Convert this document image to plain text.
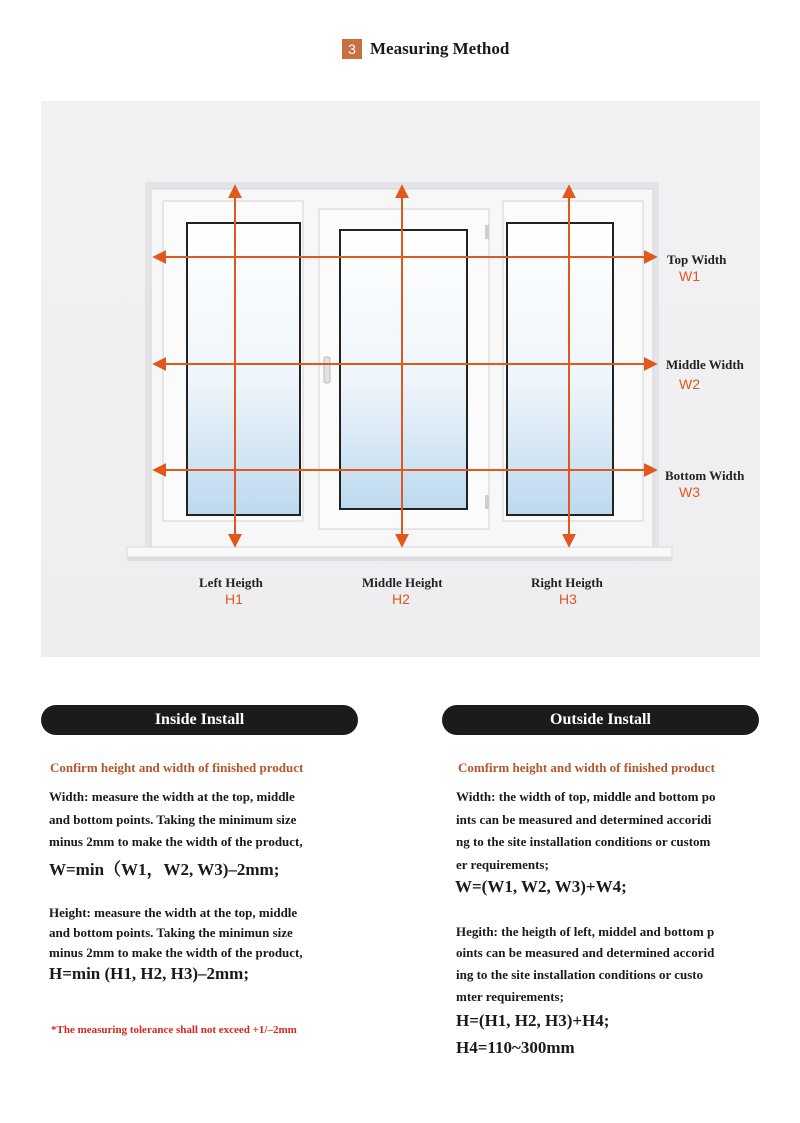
3 Measuring Method
Top Width
W1
Middle Width
W2
Bottom Width
W3
Left Heigth
H1
Middle Height
H2
Right Heigth
H3
Inside Install
Confirm height and width of finished product
Width: measure the width at the top, middle
and bottom points. Taking the minimum size
minus 2mm to make the width of the product,
W=min（W1，W2, W3)–2mm;
Height: measure the width at the top, middle
and bottom points. Taking the minimun size
minus 2mm to make the width of the product,
H=min (H1, H2, H3)–2mm;
*The measuring tolerance shall not exceed +1/–2mm
Outside Install
Comfirm height and width of finished product
Width: the width of top, middle and bottom po
ints can be measured and determined accoridi
ng to the site installation conditions or custom
er requirements;
W=(W1, W2, W3)+W4;
Hegith: the heigth of left, middel and bottom p
oints can be measured and determined accorid
ing to the site installation conditions or custo
mter requirements;
H=(H1, H2, H3)+H4;
H4=110~300mm
